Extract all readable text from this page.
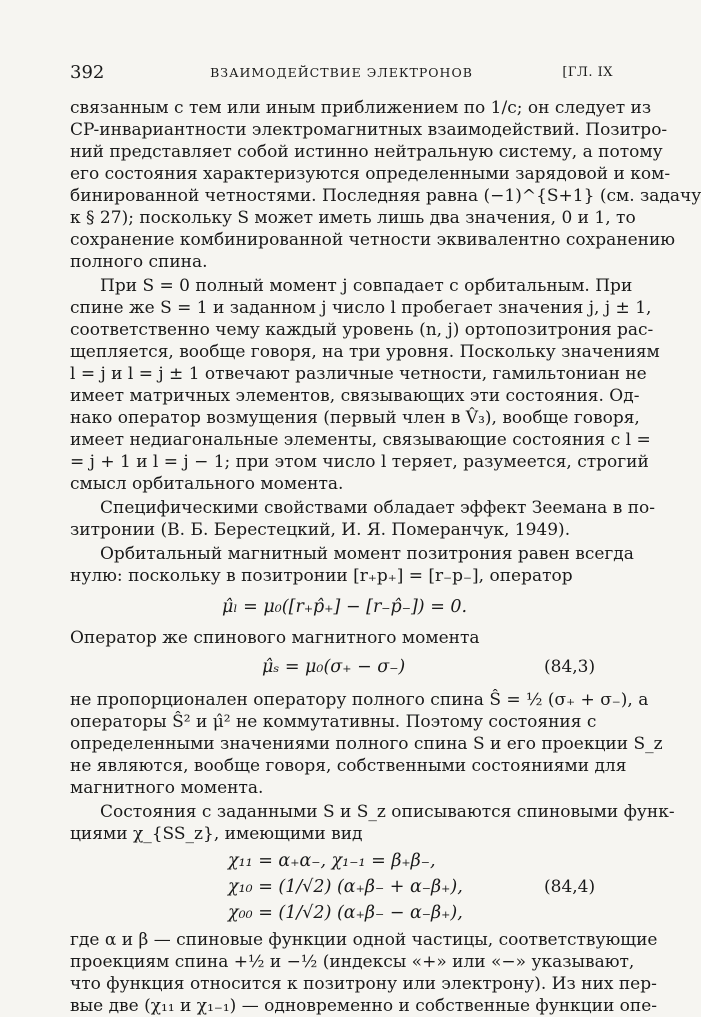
392	ВЗАИМОДЕЙСТВИЕ ЭЛЕКТРОНОВ	[ГЛ. IX
связанным с тем или иным приближением по 1/c; он следует из
CP-инвариантности электромагнитных взаимодействий. Позитро-
ний представляет собой истинно нейтральную систему, а потому
его состояния характеризуются определенными зарядовой и ком-
бинированной четностями. Последняя равна (−1)^{S+1} (см. задачу
к § 27); поскольку S может иметь лишь два значения, 0 и 1, то
сохранение комбинированной четности эквивалентно сохранению
полного спина.
При S = 0 полный момент j совпадает с орбитальным. При
спине же S = 1 и заданном j число l пробегает значения j, j ± 1,
соответственно чему каждый уровень (n, j) ортопозитрония рас-
щепляется, вообще говоря, на три уровня. Поскольку значениям
l = j и l = j ± 1 отвечают различные четности, гамильтониан не
имеет матричных элементов, связывающих эти состояния. Од-
нако оператор возмущения (первый член в V̂₃), вообще говоря,
имеет недиагональные элементы, связывающие состояния с l =
= j + 1 и l = j − 1; при этом число l теряет, разумеется, строгий
смысл орбитального момента.
Специфическими свойствами обладает эффект Зеемана в по-
зитронии (В. Б. Берестецкий, И. Я. Померанчук, 1949).
Орбитальный магнитный момент позитрония равен всегда
нулю: поскольку в позитронии [r₊p₊] = [r₋p₋], оператор
μ̂ₗ = μ₀([r₊p̂₊] − [r₋p̂₋]) = 0.
Оператор же спинового магнитного момента
μ̂ₛ = μ₀(σ₊ − σ₋)	(84,3)
не пропорционален оператору полного спина Ŝ = ½ (σ₊ + σ₋), а
операторы Ŝ² и μ̂² не коммутативны. Поэтому состояния с
определенными значениями полного спина S и его проекции S_z
не являются, вообще говоря, собственными состояниями для
магнитного момента.
Состояния с заданными S и S_z описываются спиновыми функ-
циями χ_{SS_z}, имеющими вид
χ₁₁ = α₊α₋, χ₁₋₁ = β₊β₋,
χ₁₀ = (1/√2) (α₊β₋ + α₋β₊),
χ₀₀ = (1/√2) (α₊β₋ − α₋β₊),
(84,4)
где α и β — спиновые функции одной частицы, соответствующие
проекциям спина +½ и −½ (индексы «+» или «−» указывают,
что функция относится к позитрону или электрону). Из них пер-
вые две (χ₁₁ и χ₁₋₁) — одновременно и собственные функции опе-
